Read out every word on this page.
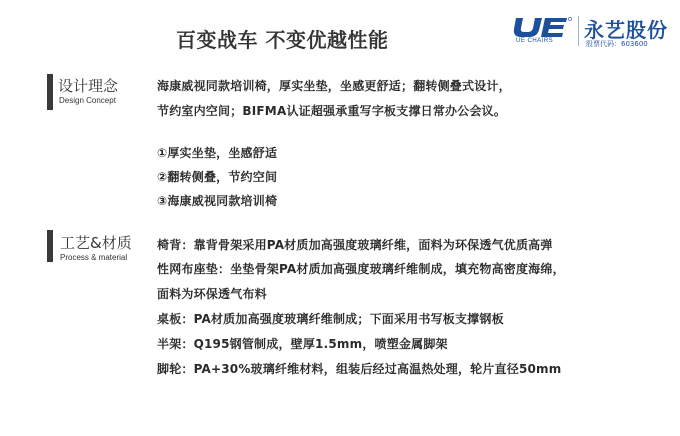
百变战车 不变优越性能	UE CHAIRS 永艺股份
股票代码：603600
设计理念
Design Concept
海康威视同款培训椅，厚实坐垫，坐感更舒适；翻转侧叠式设计，
节约室内空间；BIFMA认证超强承重写字板支撑日常办公会议。
①厚实坐垫，坐感舒适
②翻转侧叠，节约空间
③海康威视同款培训椅
工艺&材质
Process & material
椅背：靠背骨架采用PA材质加高强度玻璃纤维，面料为环保透气优质高弹
性网布座垫：坐垫骨架PA材质加高强度玻璃纤维制成，填充物高密度海绵，
面料为环保透气布料
桌板：PA材质加高强度玻璃纤维制成；下面采用书写板支撑钢板
半架：Q195钢管制成，壁厚1.5mm，喷塑金属脚架
脚轮：PA+30%玻璃纤维材料，组装后经过高温热处理，轮片直径50mm
